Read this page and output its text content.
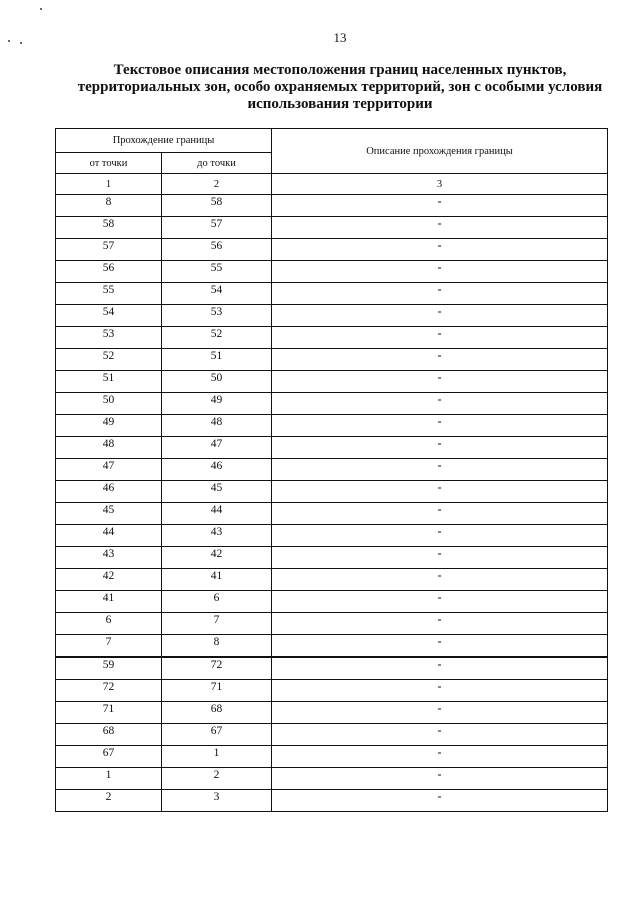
13
Текстовое описания местоположения границ населенных пунктов,
территориальных зон, особо охраняемых территорий, зон с особыми условия
использования территории
Прохождение границы		Описание прохождения границы
от точки	до точки	
1	2	3
8	58	-
58	57	-
57	56	-
56	55	-
55	54	-
54	53	-
53	52	-
52	51	-
51	50	-
50	49	-
49	48	-
48	47	-
47	46	-
46	45	-
45	44	-
44	43	-
43	42	-
42	41	-
41	6	-
6	7	-
7	8	-
59	72	-
72	71	-
71	68	-
68	67	-
67	1	-
1	2	-
2	3	-
